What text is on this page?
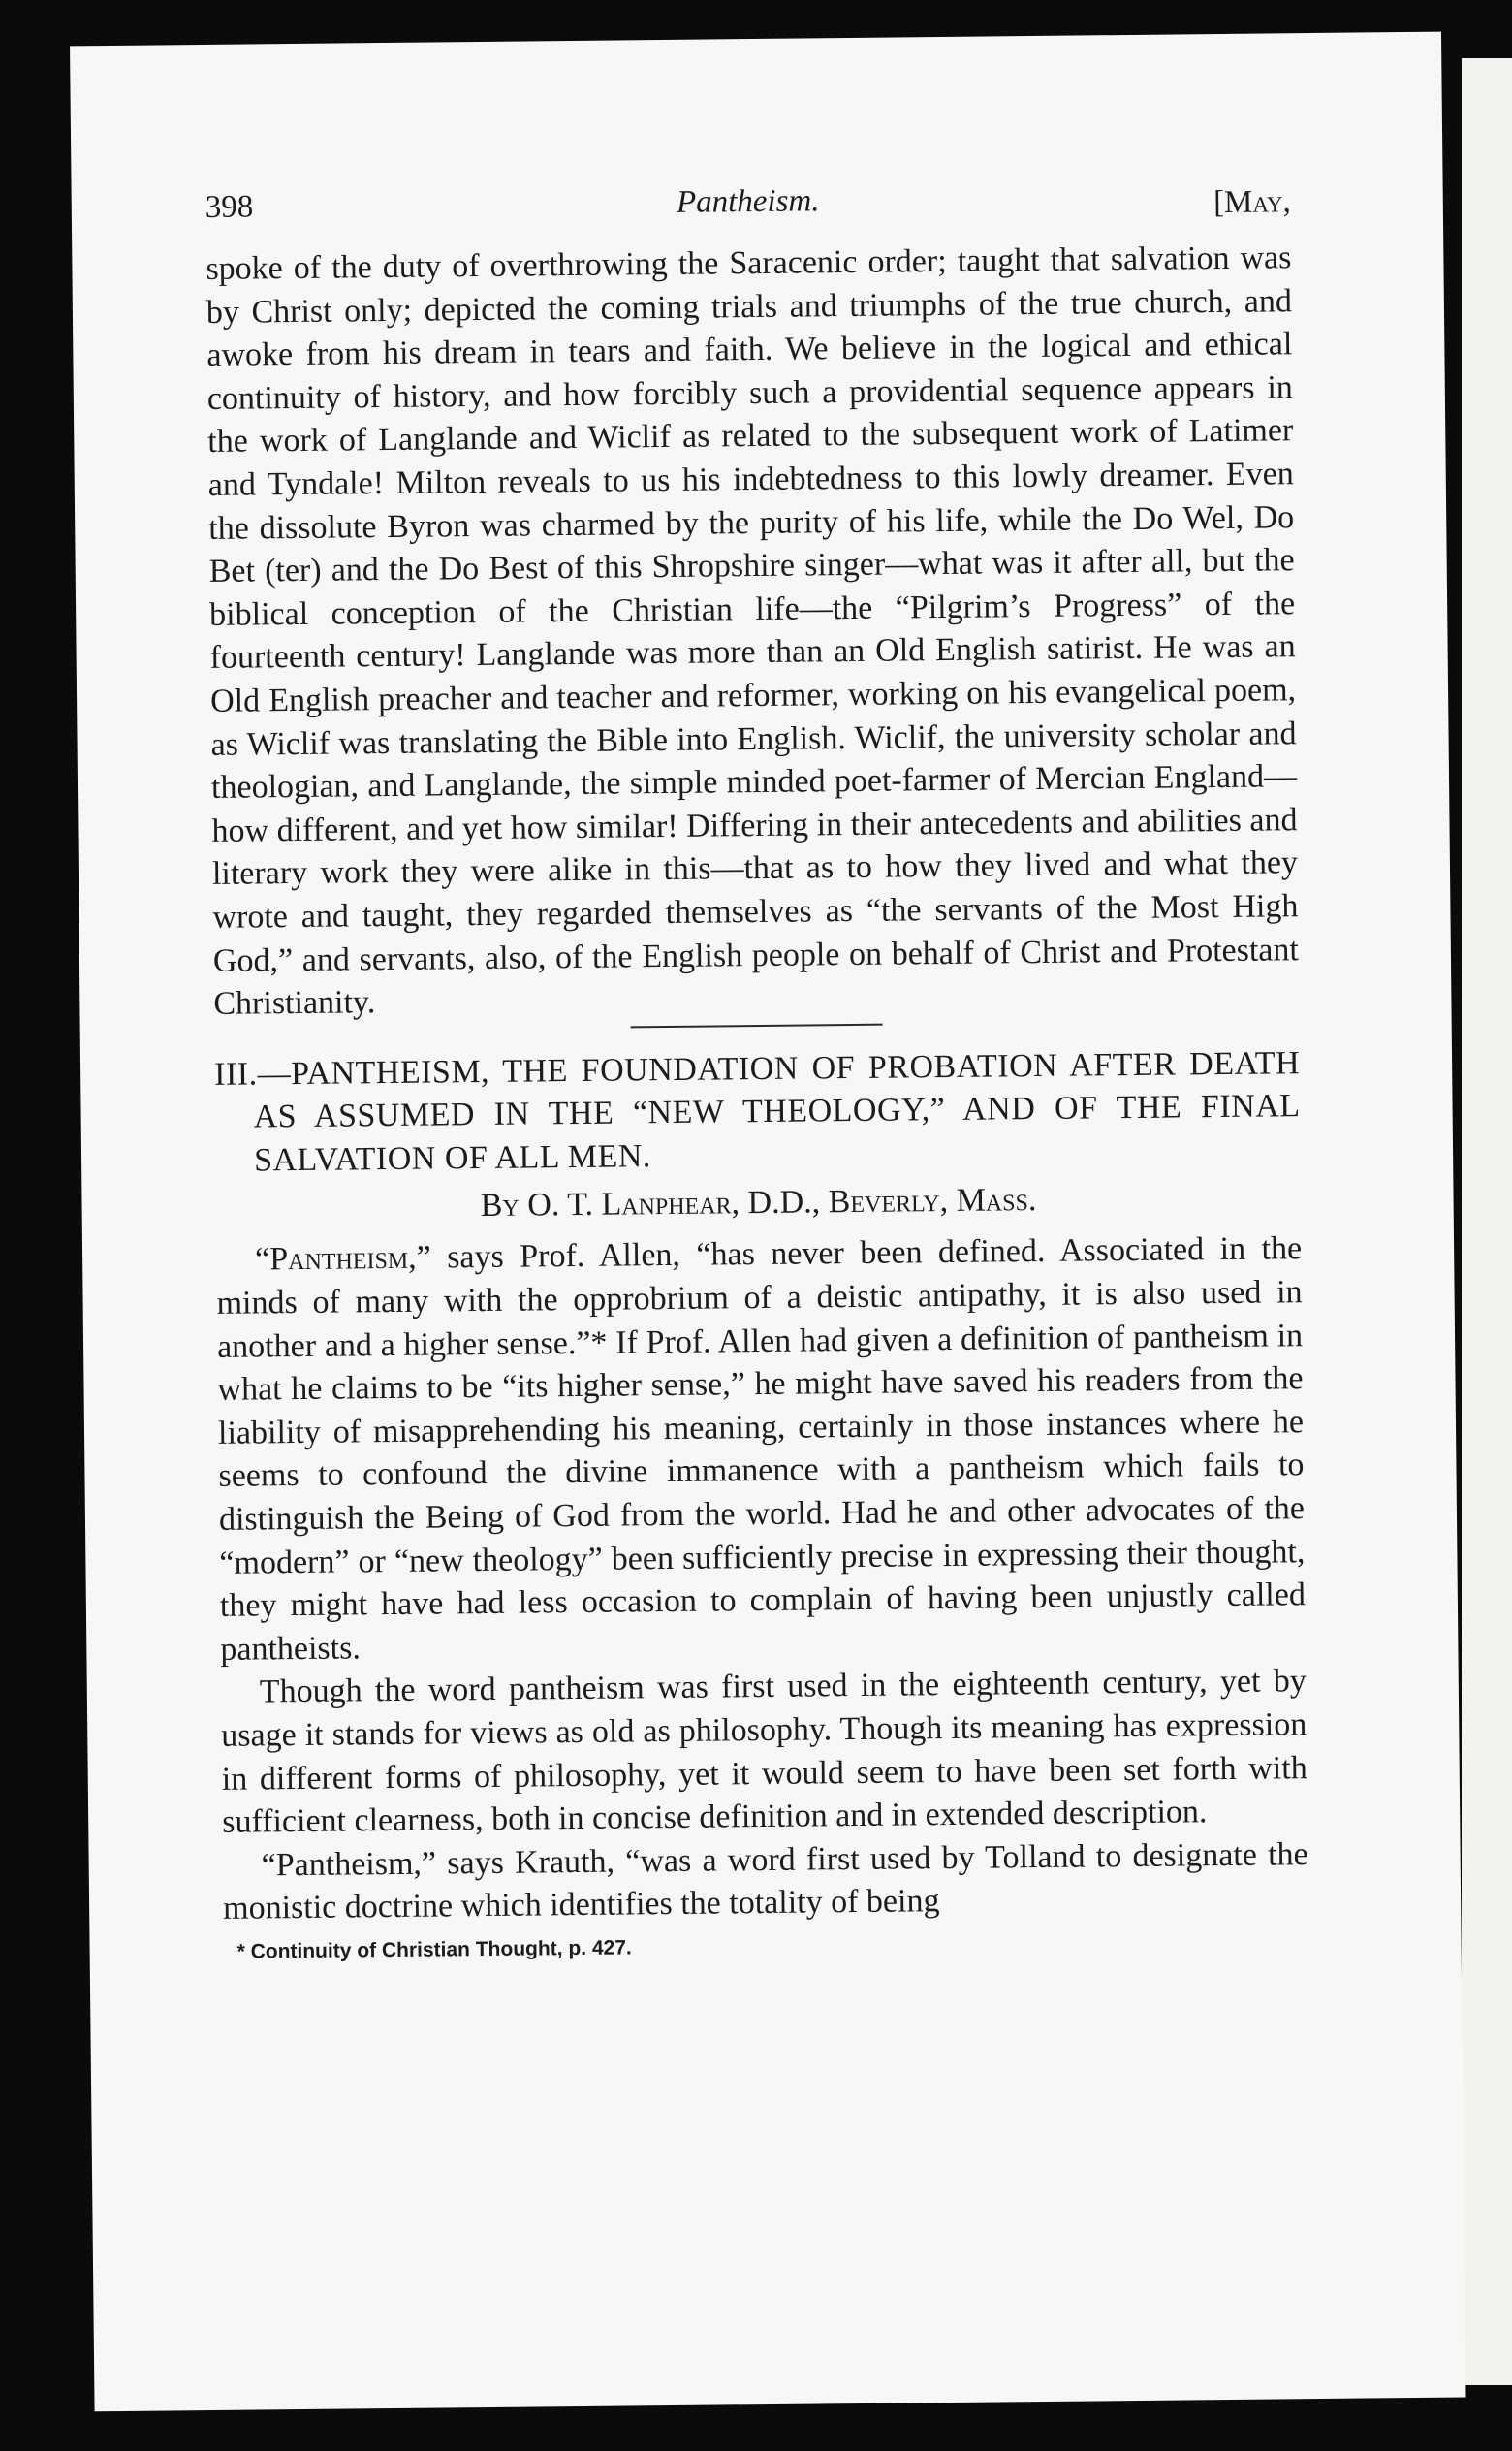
398	Pantheism.	[May,

spoke of the duty of overthrowing the Saracenic order; taught that salvation was by Christ only; depicted the coming trials and triumphs of the true church, and awoke from his dream in tears and faith. We believe in the logical and ethical continuity of history, and how forcibly such a providential sequence appears in the work of Langlande and Wiclif as related to the subsequent work of Latimer and Tyndale! Milton reveals to us his indebtedness to this lowly dreamer. Even the dissolute Byron was charmed by the purity of his life, while the Do Wel, Do Bet (ter) and the Do Best of this Shropshire singer—what was it after all, but the biblical conception of the Christian life—the “Pilgrim’s Progress” of the fourteenth century! Langlande was more than an Old English satirist. He was an Old English preacher and teacher and reformer, working on his evangelical poem, as Wiclif was translating the Bible into English. Wiclif, the university scholar and theologian, and Langlande, the simple minded poet-farmer of Mercian England—how different, and yet how similar! Differing in their antecedents and abilities and literary work they were alike in this—that as to how they lived and what they wrote and taught, they regarded themselves as “the servants of the Most High God,” and servants, also, of the English people on behalf of Christ and Protestant Christianity.

III.—PANTHEISM, THE FOUNDATION OF PROBATION AFTER DEATH AS ASSUMED IN THE “NEW THEOLOGY,” AND OF THE FINAL SALVATION OF ALL MEN.

By O. T. Lanphear, D.D., Beverly, Mass.

“Pantheism,” says Prof. Allen, “has never been defined. Associated in the minds of many with the opprobrium of a deistic antipathy, it is also used in another and a higher sense.”* If Prof. Allen had given a definition of pantheism in what he claims to be “its higher sense,” he might have saved his readers from the liability of misapprehending his meaning, certainly in those instances where he seems to confound the divine immanence with a pantheism which fails to distinguish the Being of God from the world. Had he and other advocates of the “modern” or “new theology” been sufficiently precise in expressing their thought, they might have had less occasion to complain of having been unjustly called pantheists.

Though the word pantheism was first used in the eighteenth century, yet by usage it stands for views as old as philosophy. Though its meaning has expression in different forms of philosophy, yet it would seem to have been set forth with sufficient clearness, both in concise definition and in extended description.

“Pantheism,” says Krauth, “was a word first used by Tolland to designate the monistic doctrine which identifies the totality of being

* Continuity of Christian Thought, p. 427.
